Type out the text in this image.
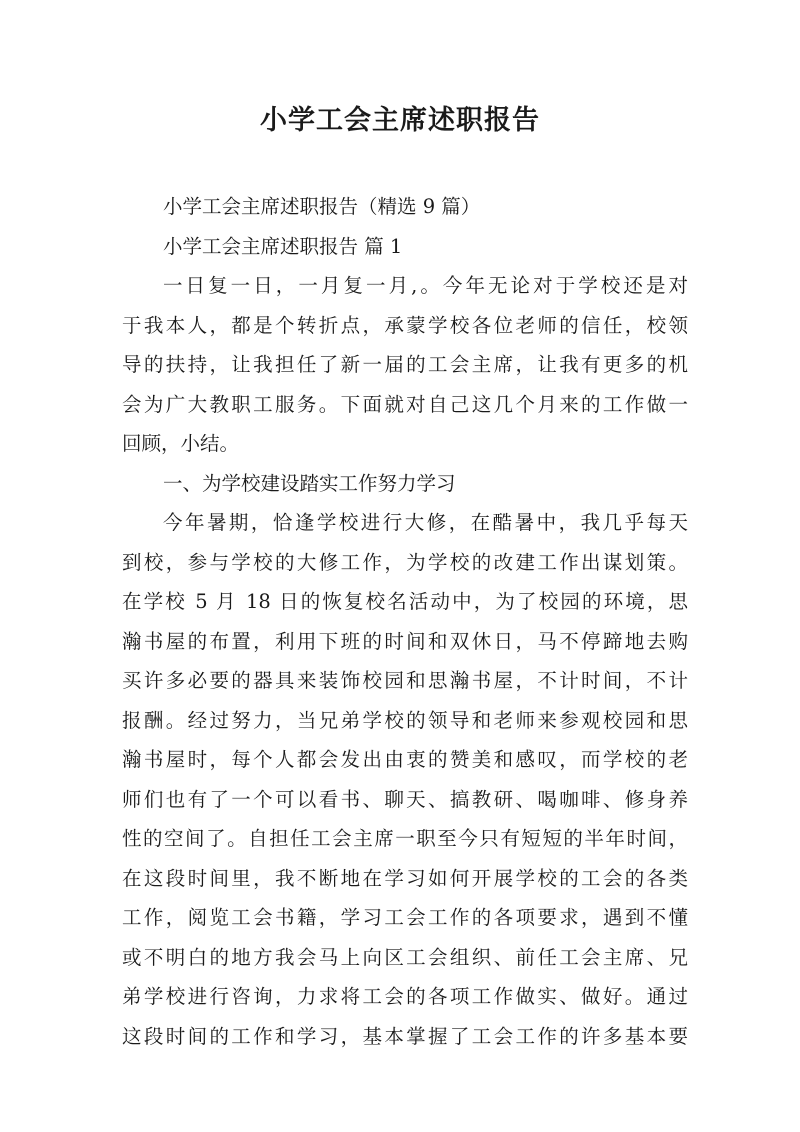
小学工会主席述职报告
小学工会主席述职报告（精选 9 篇）
小学工会主席述职报告 篇 1
一日复一日，一月复一月,。今年无论对于学校还是对
于我本人，都是个转折点，承蒙学校各位老师的信任，校领
导的扶持，让我担任了新一届的工会主席，让我有更多的机
会为广大教职工服务。下面就对自己这几个月来的工作做一
回顾，小结。
一、为学校建设踏实工作努力学习
今年暑期，恰逢学校进行大修，在酷暑中，我几乎每天
到校，参与学校的大修工作，为学校的改建工作出谋划策。
在学校 5 月 18 日的恢复校名活动中，为了校园的环境，思
瀚书屋的布置，利用下班的时间和双休日，马不停蹄地去购
买许多必要的器具来装饰校园和思瀚书屋，不计时间，不计
报酬。经过努力，当兄弟学校的领导和老师来参观校园和思
瀚书屋时，每个人都会发出由衷的赞美和感叹，而学校的老
师们也有了一个可以看书、聊天、搞教研、喝咖啡、修身养
性的空间了。自担任工会主席一职至今只有短短的半年时间，
在这段时间里，我不断地在学习如何开展学校的工会的各类
工作，阅览工会书籍，学习工会工作的各项要求，遇到不懂
或不明白的地方我会马上向区工会组织、前任工会主席、兄
弟学校进行咨询，力求将工会的各项工作做实、做好。通过
这段时间的工作和学习，基本掌握了工会工作的许多基本要
